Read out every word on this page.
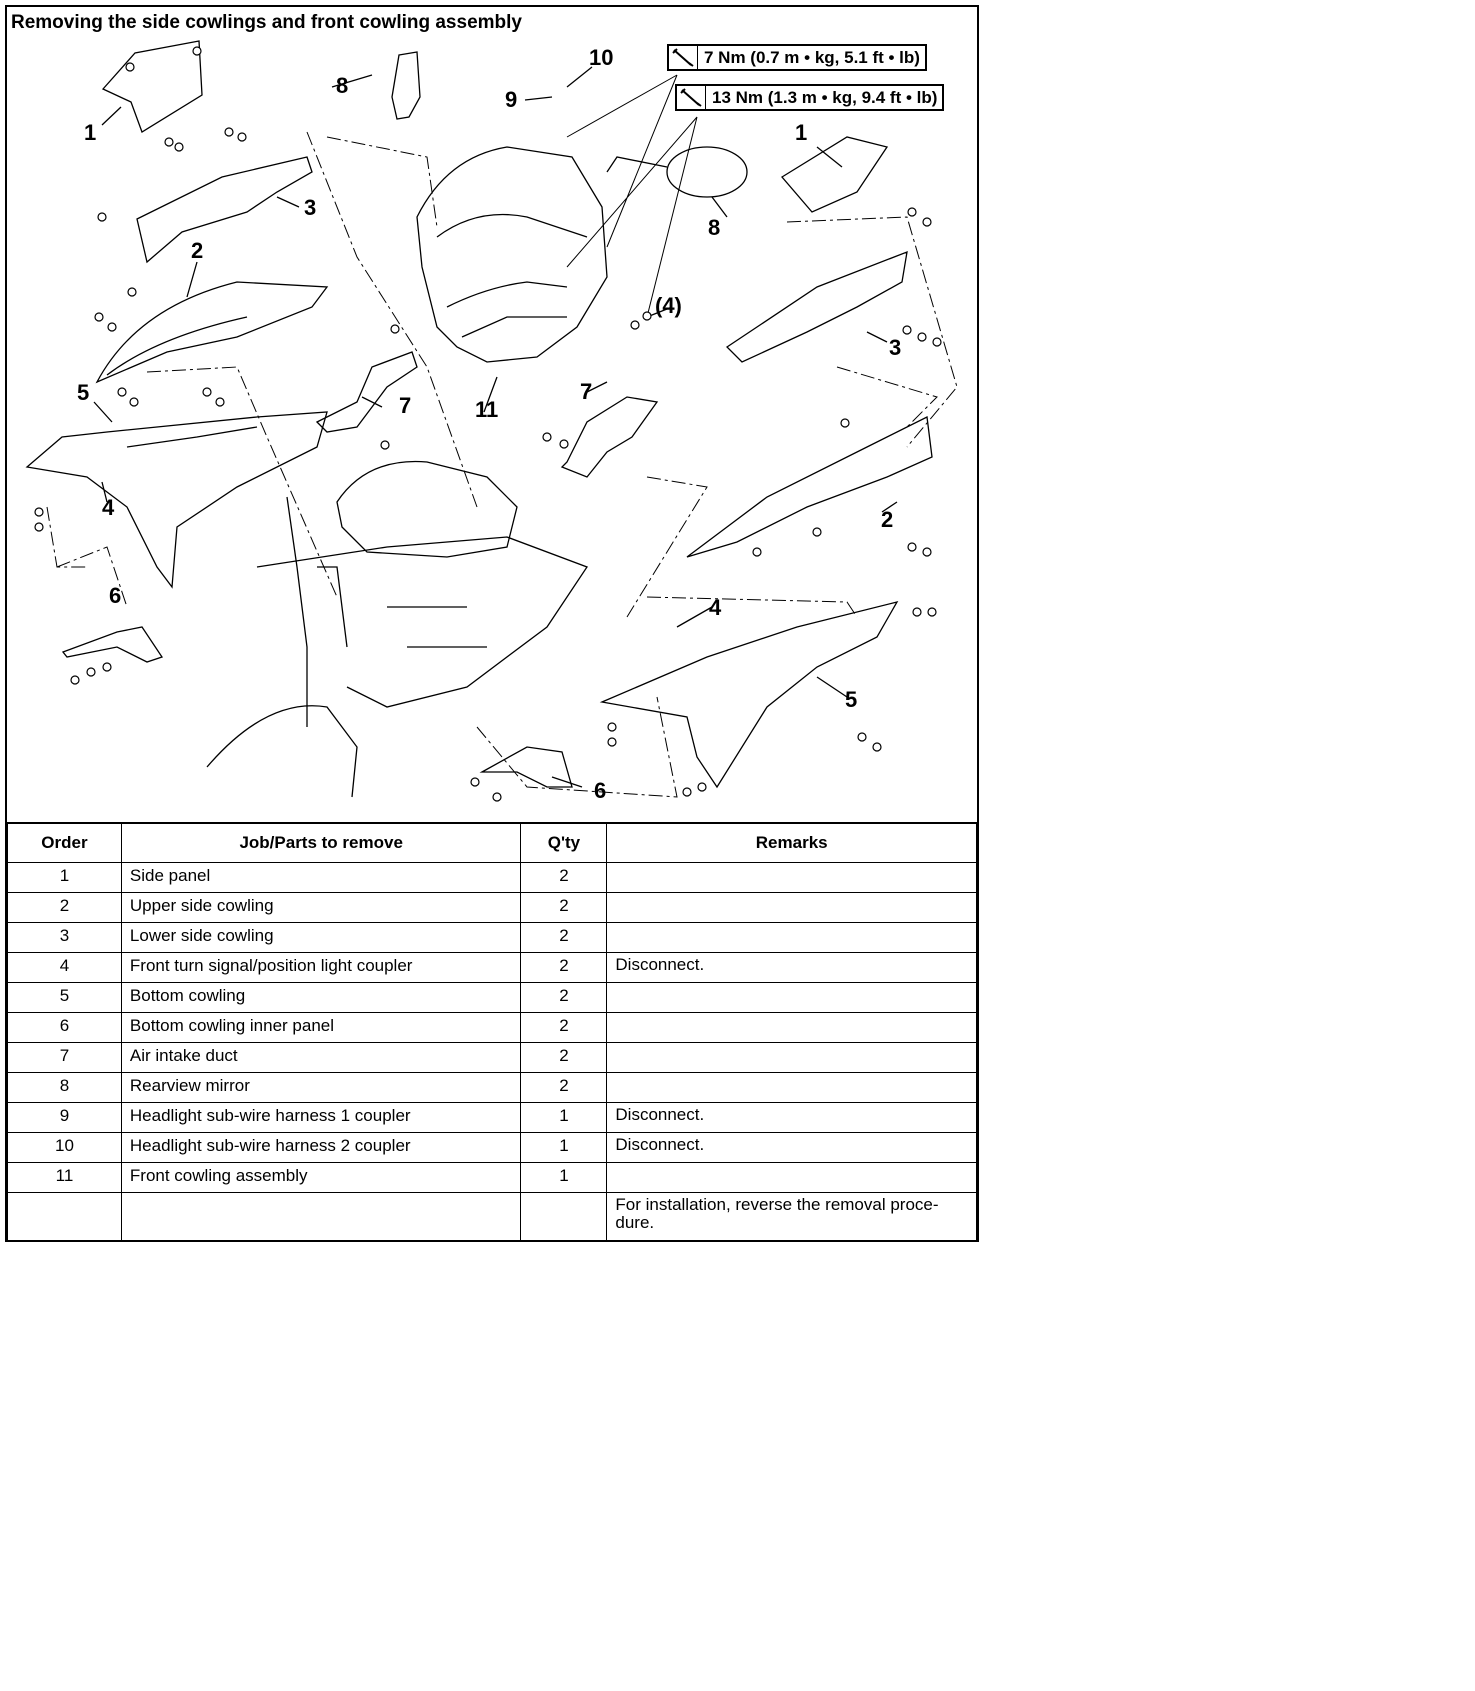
Removing the side cowlings and front cowling assembly
7 Nm (0.7 m • kg, 5.1 ft • lb)
13 Nm (1.3 m • kg, 9.4 ft • lb)
1
8
10
9
3
2
5
4
6
7	11
(4)
8
1
3
7
2
4
5
6
Order	Job/Parts to remove	Q'ty	Remarks
1	Side panel	2	
2	Upper side cowling	2	
3	Lower side cowling	2	
4	Front turn signal/position light coupler	2	Disconnect.
5	Bottom cowling	2	
6	Bottom cowling inner panel	2	
7	Air intake duct	2	
8	Rearview mirror	2	
9	Headlight sub-wire harness 1 coupler	1	Disconnect.
10	Headlight sub-wire harness 2 coupler	1	Disconnect.
11	Front cowling assembly	1	
			For installation, reverse the removal proce-dure.
